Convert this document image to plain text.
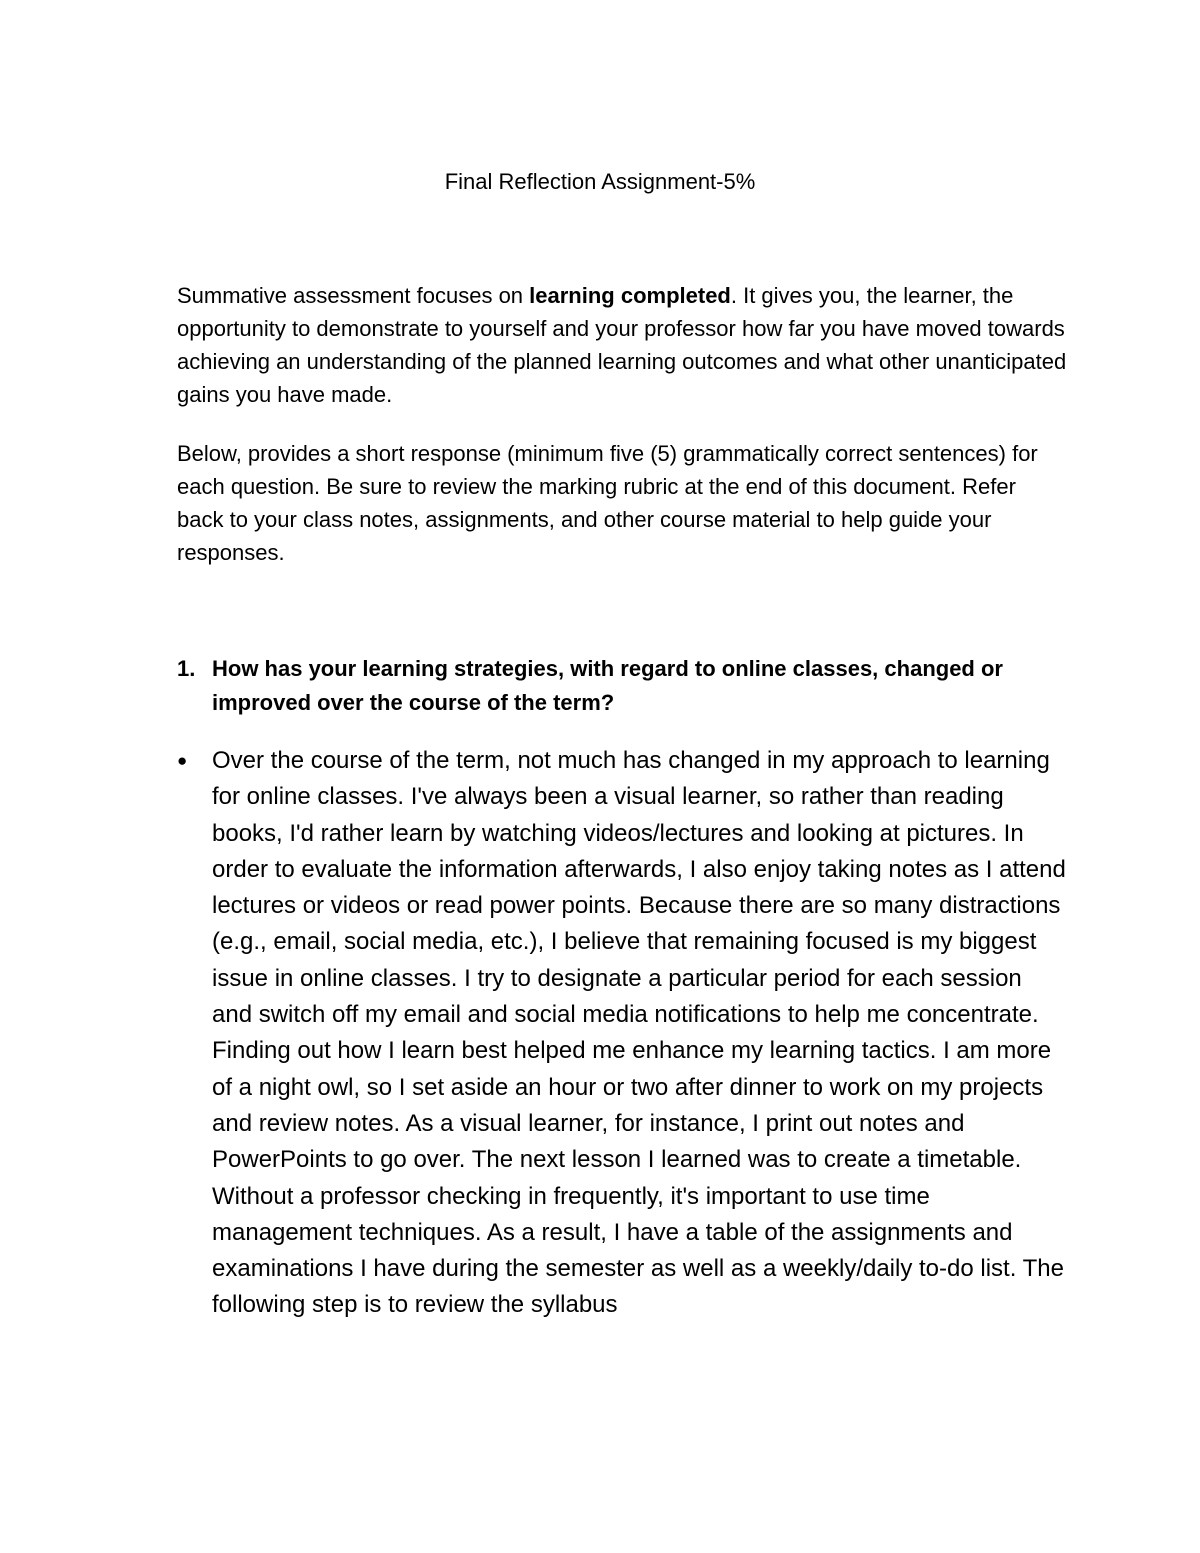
Final Reflection Assignment-5%

Summative assessment focuses on learning completed. It gives you, the learner, the opportunity to demonstrate to yourself and your professor how far you have moved towards achieving an understanding of the planned learning outcomes and what other unanticipated gains you have made.

Below, provides a short response (minimum five (5) grammatically correct sentences) for each question. Be sure to review the marking rubric at the end of this document. Refer back to your class notes, assignments, and other course material to help guide your responses.

1. How has your learning strategies, with regard to online classes, changed or improved over the course of the term?
● Over the course of the term, not much has changed in my approach to learning for online classes. I've always been a visual learner, so rather than reading books, I'd rather learn by watching videos/lectures and looking at pictures. In order to evaluate the information afterwards, I also enjoy taking notes as I attend lectures or videos or read power points. Because there are so many distractions (e.g., email, social media, etc.), I believe that remaining focused is my biggest issue in online classes. I try to designate a particular period for each session and switch off my email and social media notifications to help me concentrate. Finding out how I learn best helped me enhance my learning tactics. I am more of a night owl, so I set aside an hour or two after dinner to work on my projects and review notes. As a visual learner, for instance, I print out notes and PowerPoints to go over. The next lesson I learned was to create a timetable. Without a professor checking in frequently, it's important to use time management techniques. As a result, I have a table of the assignments and examinations I have during the semester as well as a weekly/daily to-do list. The following step is to review the syllabus
